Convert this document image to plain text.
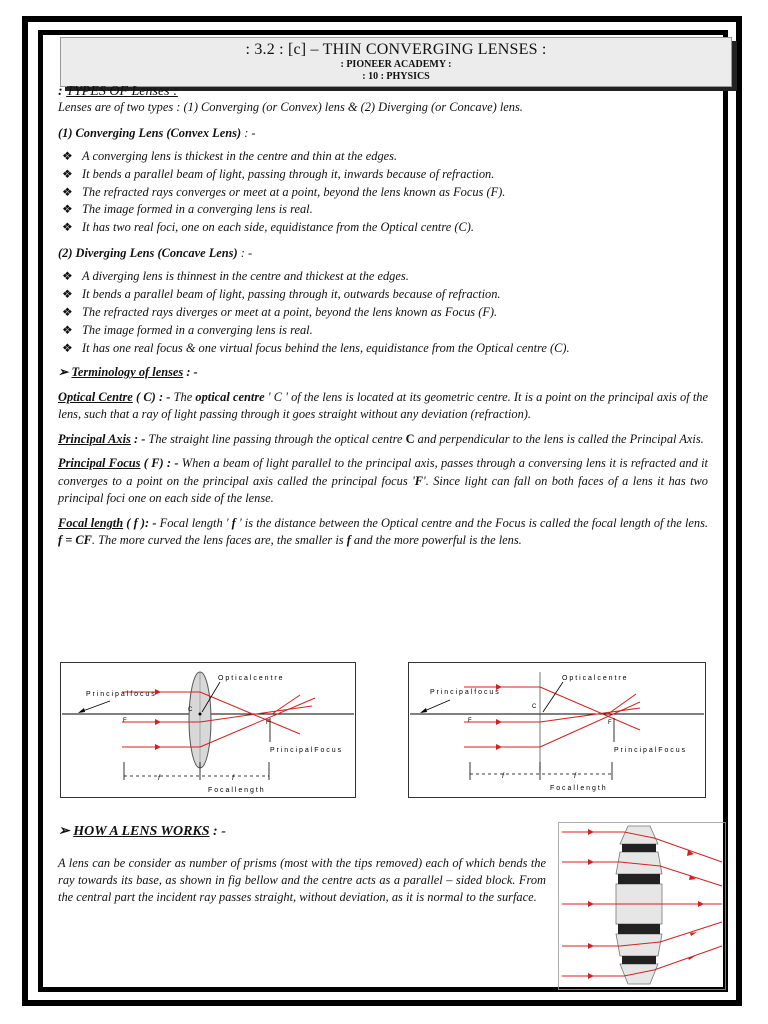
: 3.2 : [c] – THIN CONVERGING LENSES :
: PIONEER ACADEMY :
: 10 : PHYSICS

: TYPES OF Lenses :

Lenses are of two types : (1) Converging (or Convex) lens & (2) Diverging (or Concave) lens.

(1) Converging Lens (Convex Lens) : -

❖ A converging lens is thickest in the centre and thin at the edges.
❖ It bends a parallel beam of light, passing through it, inwards because of refraction.
❖ The refracted rays converges or meet at a point, beyond the lens known as Focus (F).
❖ The image formed in a converging lens is real.
❖ It has two real foci, one on each side, equidistance from the Optical centre (C).

(2) Diverging Lens (Concave Lens) : -

❖ A diverging lens is thinnest in the centre and thickest at the edges.
❖ It bends a parallel beam of light, passing through it, outwards because of refraction.
❖ The refracted rays diverges or meet at a point, beyond the lens known as Focus (F).
❖ The image formed in a converging lens is real.
❖ It has one real focus & one virtual focus behind the lens, equidistance from the Optical centre (C).

➢ Terminology of lenses : -

Optical Centre ( C) : - The optical centre ' C ' of the lens is located at its geometric centre. It is a point on the principal axis of the lens, such that a ray of light passing through it goes straight without any deviation (refraction).

Principal Axis : - The straight line passing through the optical centre C and perpendicular to the lens is called the Principal Axis.

Principal Focus ( F) : - When a beam of light parallel to the principal axis, passes through a conversing lens it is refracted and it converges to a point on the principal axis called the principal focus 'F'. Since light can fall on both faces of a lens it has two principal foci one on each side of the lense.

Focal length ( f ): - Focal length ' f ' is the distance between the Optical centre and the Focus is called the focal length of the lens. f = CF. The more curved the lens faces are, the smaller is f and the more powerful is the lens.

P r i n c i p a l f o c u s
O p t i c a l c e n t r e
P r i n c i p a l F o c u s
C
F	F
f	f
F o c a l l e n g t h
P r i n c i p a l f o c u s
O p t i c a l c e n t r e
P r i n c i p a l F o c u s
C
F	F
f	f
F o c a l l e n g t h
➢ HOW A LENS WORKS : -

A lens can be consider as number of prisms (most with the tips removed) each of which bends the ray towards its base, as shown in fig bellow and the centre acts as a parallel – sided block. From the central part the incident ray passes straight, without deviation, as it is normal to the surface.
